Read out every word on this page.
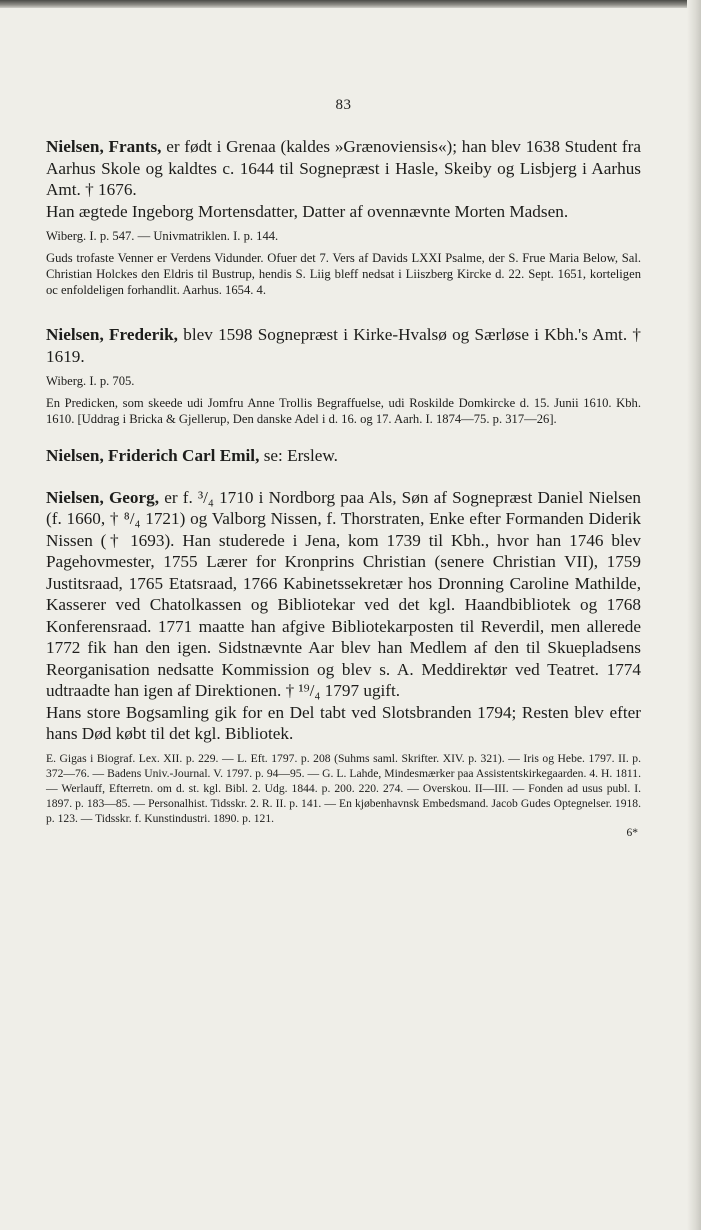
83

Nielsen, Frants, er født i Grenaa (kaldes »Grænoviensis«); han blev 1638 Student fra Aarhus Skole og kaldtes c. 1644 til Sognepræst i Hasle, Skeiby og Lisbjerg i Aarhus Amt. † 1676.

Han ægtede Ingeborg Mortensdatter, Datter af ovennævnte Morten Madsen.

Wiberg. I. p. 547. — Univmatriklen. I. p. 144.

Guds trofaste Venner er Verdens Vidunder. Ofuer det 7. Vers af Davids LXXI Psalme, der S. Frue Mariа Below, Sal. Christian Holckes den Eldris til Bustrup, hendis S. Liig bleff nedsat i Liiszberg Kircke d. 22. Sept. 1651, korteligen oc enfoldeligen forhandlit. Aarhus. 1654. 4.

Nielsen, Frederik, blev 1598 Sognepræst i Kirke-Hvalsø og Særløse i Kbh.'s Amt. † 1619.

Wiberg. I. p. 705.

En Predicken, som skeede udi Jomfru Anne Trollis Begraffuelse, udi Roskilde Domkircke d. 15. Junii 1610. Kbh. 1610. [Uddrag i Bricka & Gjellerup, Den danske Adel i d. 16. og 17. Aarh. I. 1874—75. p. 317—26].

Nielsen, Friderich Carl Emil, se: Erslew.

Nielsen, Georg, er f. ³/₄ 1710 i Nordborg paa Als, Søn af Sognepræst Daniel Nielsen (f. 1660, † ⁸/₄ 1721) og Valborg Nissen, f. Thorstraten, Enke efter Formanden Diderik Nissen († 1693). Han studerede i Jena, kom 1739 til Kbh., hvor han 1746 blev Pagehovmester, 1755 Lærer for Kronprins Christian (senere Christian VII), 1759 Justitsraad, 1765 Etatsraad, 1766 Kabinetssekretær hos Dronning Caroline Mathilde, Kasserer ved Chatolkassen og Bibliotekar ved det kgl. Haandbibliotek og 1768 Konferensraad. 1771 maatte han afgive Bibliotekarposten til Reverdil, men allerede 1772 fik han den igen. Sidstnævnte Aar blev han Medlem af den til Skuepladsens Reorganisation nedsatte Kommission og blev s. A. Meddirektør ved Teatret. 1774 udtraadte han igen af Direktionen. † ¹⁹/₄ 1797 ugift.

Hans store Bogsamling gik for en Del tabt ved Slotsbranden 1794; Resten blev efter hans Død købt til det kgl. Bibliotek.

E. Gigas i Biograf. Lex. XII. p. 229. — L. Eft. 1797. p. 208 (Suhms saml. Skrifter. XIV. p. 321). — Iris og Hebe. 1797. II. p. 372—76. — Badens Univ.-Journal. V. 1797. p. 94—95. — G. L. Lahde, Mindesmærker paa Assistentskirkegaarden. 4. H. 1811. — Werlauff, Efterretn. om d. st. kgl. Bibl. 2. Udg. 1844. p. 200. 220. 274. — Overskou. II—III. — Fonden ad usus publ. I. 1897. p. 183—85. — Personalhist. Tidsskr. 2. R. II. p. 141. — En kjøbenhavnsk Embedsmand. Jacob Gudes Optegnelser. 1918. p. 123. — Tidsskr. f. Kunstindustri. 1890. p. 121.

6*
